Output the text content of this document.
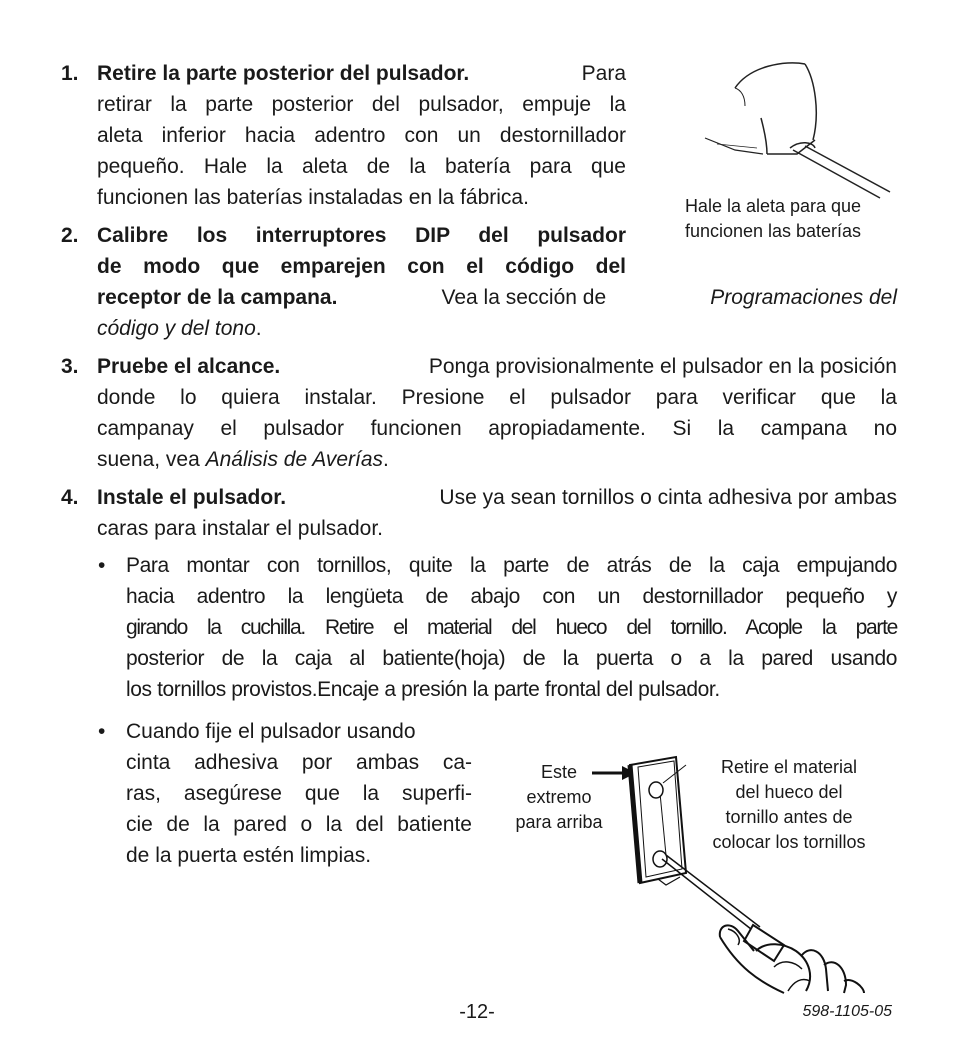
1. Retire la parte posterior del pulsador.	Para
retirar la parte posterior del pulsador, empuje la
aleta inferior hacia adentro con un destornillador
pequeño. Hale la aleta de la batería para que
funcionen las baterías instaladas en la fábrica.	Hale la aleta para que
funcionen las baterías
2. Calibre los interruptores DIP del pulsador
de modo que emparejen con el código del
receptor de la campana.	Vea la sección de	Programaciones del
código y del tono.
3. Pruebe el alcance.	Ponga provisionalmente el pulsador en la posición
donde lo quiera instalar. Presione el pulsador para verificar que la
campanay el pulsador funcionen apropiadamente. Si la campana no
suena, vea Análisis de Averías.
4. Instale el pulsador.	Use ya sean tornillos o cinta adhesiva por ambas
caras para instalar el pulsador.
• Para montar con tornillos, quite la parte de atrás de la caja empujando
hacia adentro la lengüeta de abajo con un destornillador pequeño y
girando la cuchilla. Retire el material del hueco del tornillo. Acople la parte
posterior de la caja al batiente(hoja) de la puerta o a la pared usando
los tornillos provistos.Encaje a presión la parte frontal del pulsador.
• Cuando fije el pulsador usando
cinta adhesiva por ambas ca-
ras, asegúrese que la superfi-
cie de la pared o la del batiente
de la puerta estén limpias.
Este
extremo
para arriba
Retire el material
del hueco del
tornillo antes de
colocar los tornillos
-12-	598-1105-05
